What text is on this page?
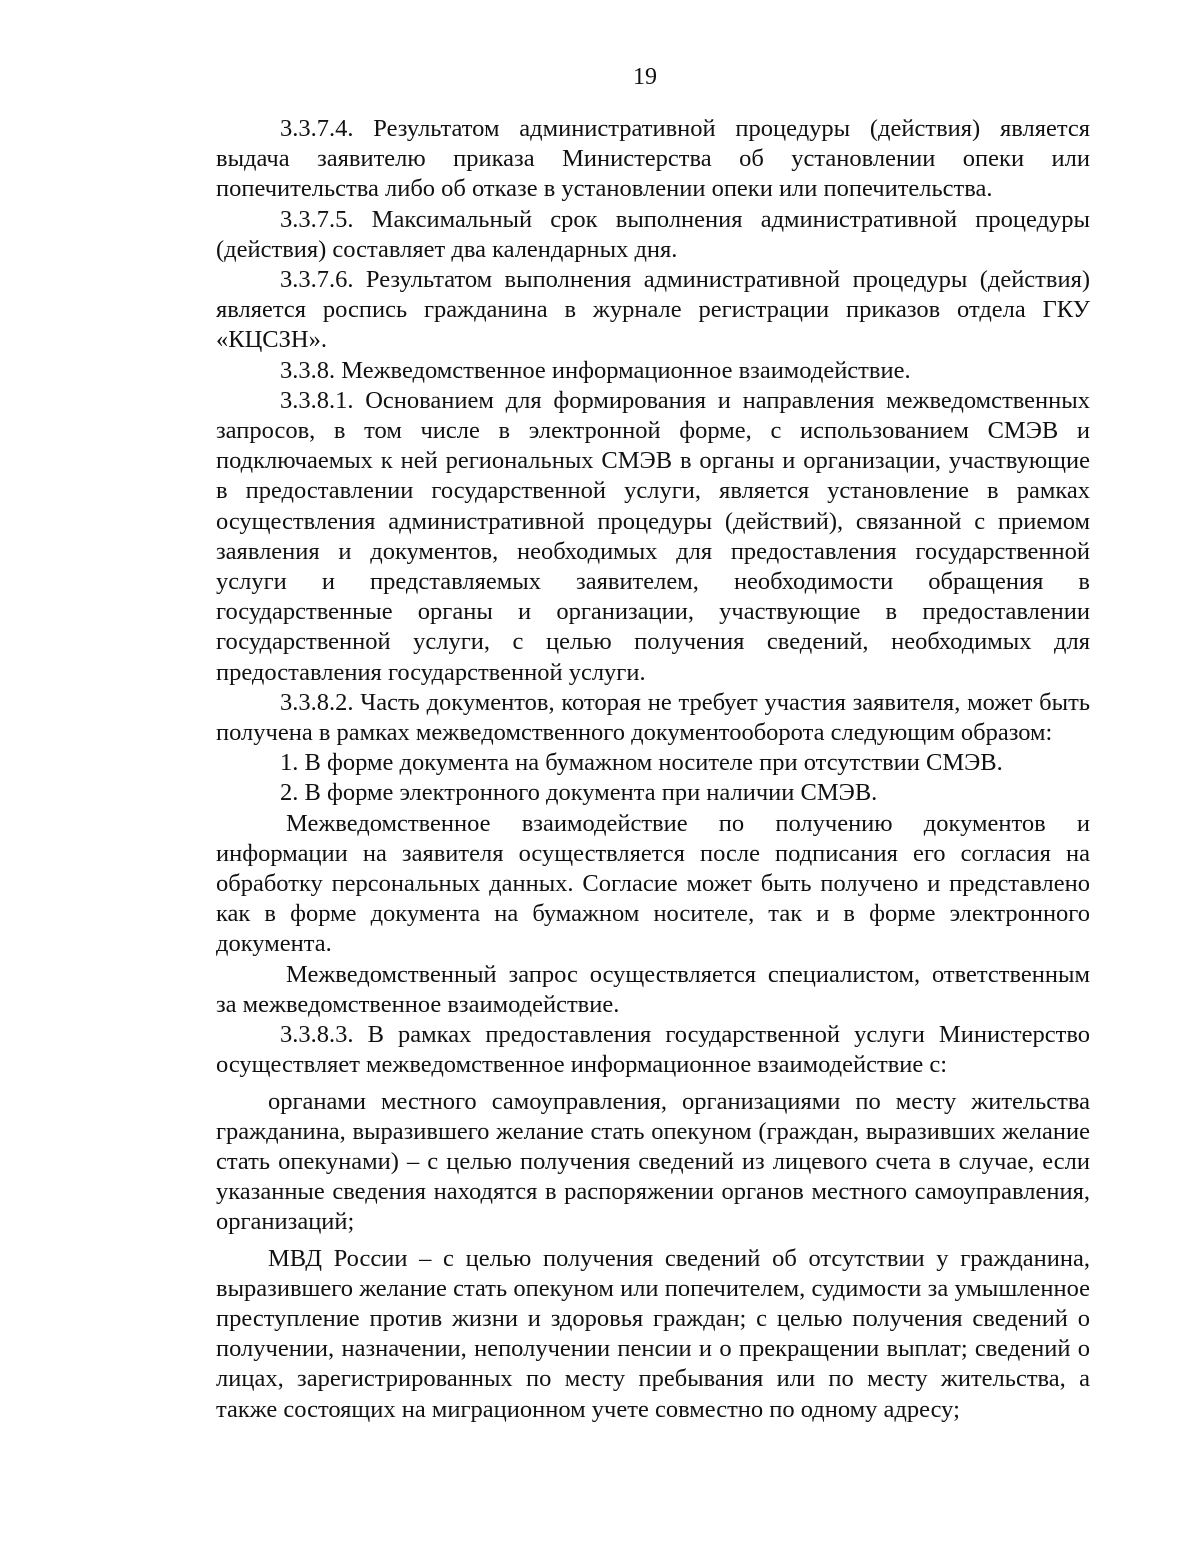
19

3.3.7.4. Результатом административной процедуры (действия) является выдача заявителю приказа Министерства об установлении опеки или попечительства либо об отказе в установлении опеки или попечительства.

3.3.7.5. Максимальный срок выполнения административной процедуры (действия) составляет два календарных дня.

3.3.7.6. Результатом выполнения административной процедуры (действия) является роспись гражданина в журнале регистрации приказов отдела ГКУ «КЦСЗН».

3.3.8. Межведомственное информационное взаимодействие.

3.3.8.1. Основанием для формирования и направления межведомственных запросов, в том числе в электронной форме, с использованием СМЭВ и подключаемых к ней региональных СМЭВ в органы и организации, участвующие в предоставлении государственной услуги, является установление в рамках осуществления административной процедуры (действий), связанной с приемом заявления и документов, необходимых для предоставления государственной услуги и представляемых заявителем, необходимости обращения в государственные органы и организации, участвующие в предоставлении государственной услуги, с целью получения сведений, необходимых для предоставления государственной услуги.

3.3.8.2. Часть документов, которая не требует участия заявителя, может быть получена в рамках межведомственного документооборота следующим образом:

1. В форме документа на бумажном носителе при отсутствии СМЭВ.

2. В форме электронного документа при наличии СМЭВ.

Межведомственное взаимодействие по получению документов и информации на заявителя осуществляется после подписания его согласия на обработку персональных данных. Согласие может быть получено и представлено как в форме документа на бумажном носителе, так и в форме электронного документа.

Межведомственный запрос осуществляется специалистом, ответственным за межведомственное взаимодействие.

3.3.8.3. В рамках предоставления государственной услуги Министерство осуществляет межведомственное информационное взаимодействие с:

органами местного самоуправления, организациями по месту жительства гражданина, выразившего желание стать опекуном (граждан, выразивших желание стать опекунами) – с целью получения сведений из лицевого счета в случае, если указанные сведения находятся в распоряжении органов местного самоуправления, организаций;

МВД России – с целью получения сведений об отсутствии у гражданина, выразившего желание стать опекуном или попечителем, судимости за умышленное преступление против жизни и здоровья граждан; с целью получения сведений о получении, назначении, неполучении пенсии и о прекращении выплат; сведений о лицах, зарегистрированных по месту пребывания или по месту жительства, а также состоящих на миграционном учете совместно по одному адресу;
